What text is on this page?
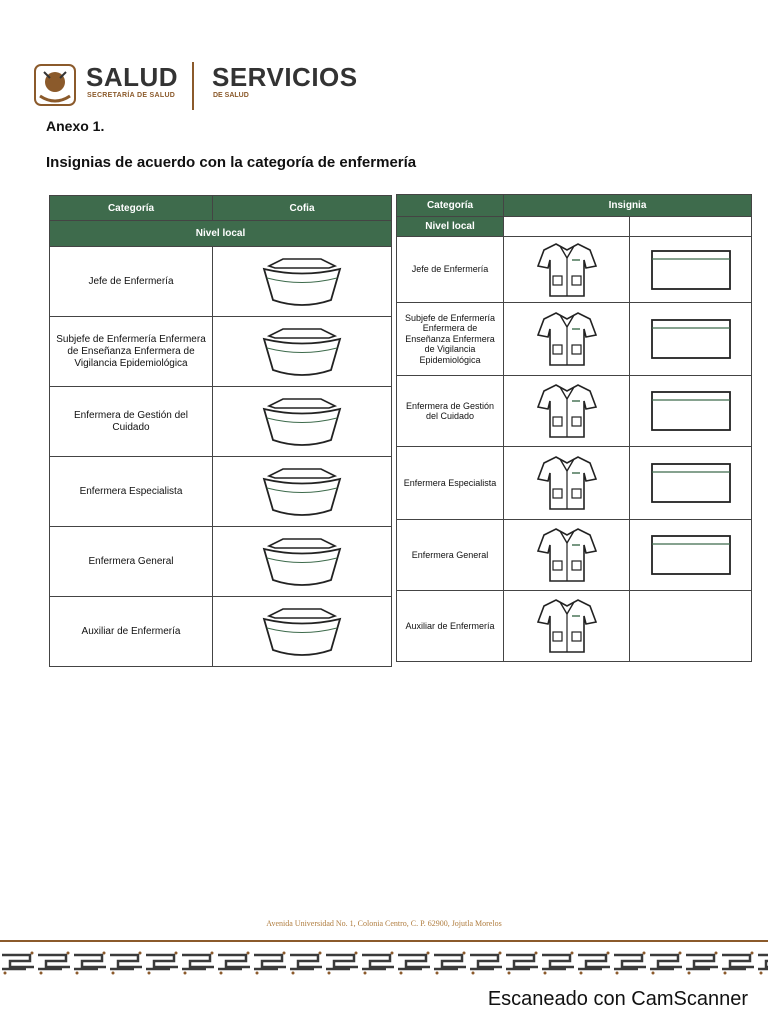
SALUD
SECRETARÍA DE SALUD
SERVICIOS
DE SALUD
Anexo 1.
Insignias de acuerdo con la categoría de enfermería
Categoría	Cofia
Nivel local	
Jefe de Enfermería	

Subjefe de Enfermería Enfermera de Enseñanza Enfermera de Vigilancia Epidemiológica	

Enfermera de Gestión del Cuidado	

Enfermera Especialista	

Enfermera General	

Auxiliar de Enfermería	
Categoría	Insignia	
Nivel local		
Jefe de Enfermería	

Subjefe de Enfermería Enfermera de Enseñanza Enfermera de Vigilancia Epidemiológica	

Enfermera de Gestión del Cuidado	

Enfermera Especialista	

Enfermera General	

Auxiliar de Enfermería	

Avenida Universidad No. 1, Colonia Centro, C. P. 62900, Jojutla Morelos
Escaneado con CamScanner
